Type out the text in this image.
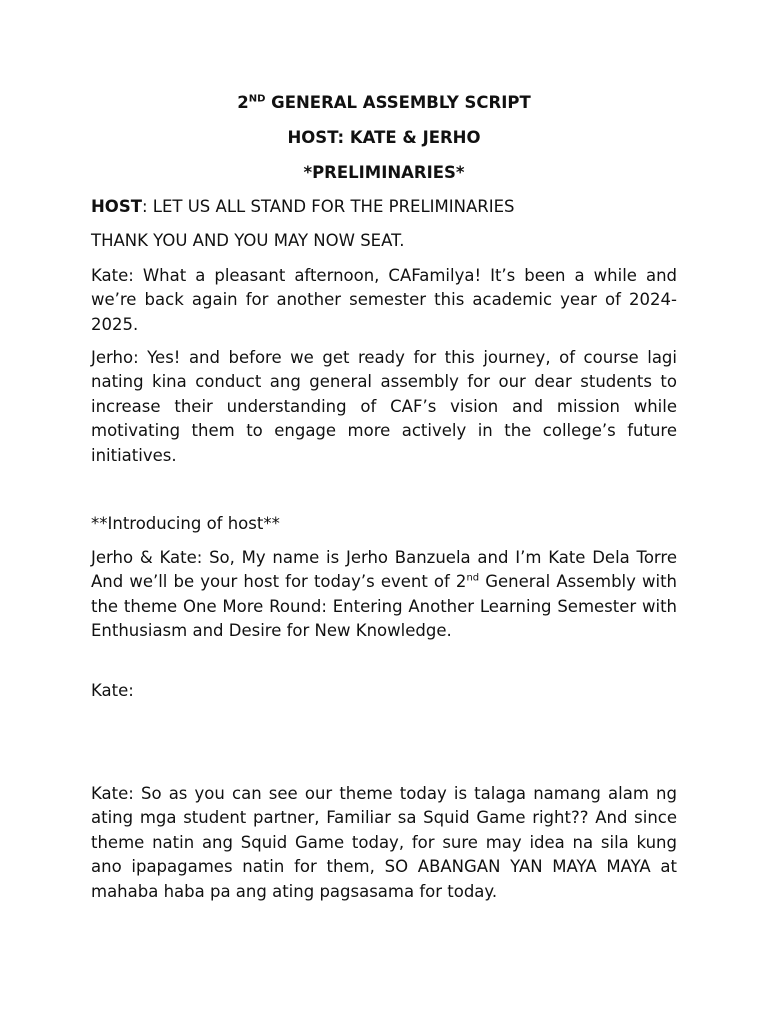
2ND GENERAL ASSEMBLY SCRIPT

HOST: KATE & JERHO

*PRELIMINARIES*

HOST: LET US ALL STAND FOR THE PRELIMINARIES

THANK YOU AND YOU MAY NOW SEAT.

Kate: What a pleasant afternoon, CAFamilya! It’s been a while and we’re back again for another semester this academic year of 2024-2025.

Jerho: Yes! and before we get ready for this journey, of course lagi nating kina conduct ang general assembly for our dear students to increase their understanding of CAF’s vision and mission while motivating them to engage more actively in the college’s future initiatives.

**Introducing of host**

Jerho & Kate: So, My name is Jerho Banzuela and I’m Kate Dela Torre And we’ll be your host for today’s event of 2nd General Assembly with the theme One More Round: Entering Another Learning Semester with Enthusiasm and Desire for New Knowledge.

Kate:

Kate: So as you can see our theme today is talaga namang alam ng ating mga student partner, Familiar sa Squid Game right?? And since theme natin ang Squid Game today, for sure may idea na sila kung ano ipapagames natin for them, SO ABANGAN YAN MAYA MAYA at mahaba haba pa ang ating pagsasama for today.
